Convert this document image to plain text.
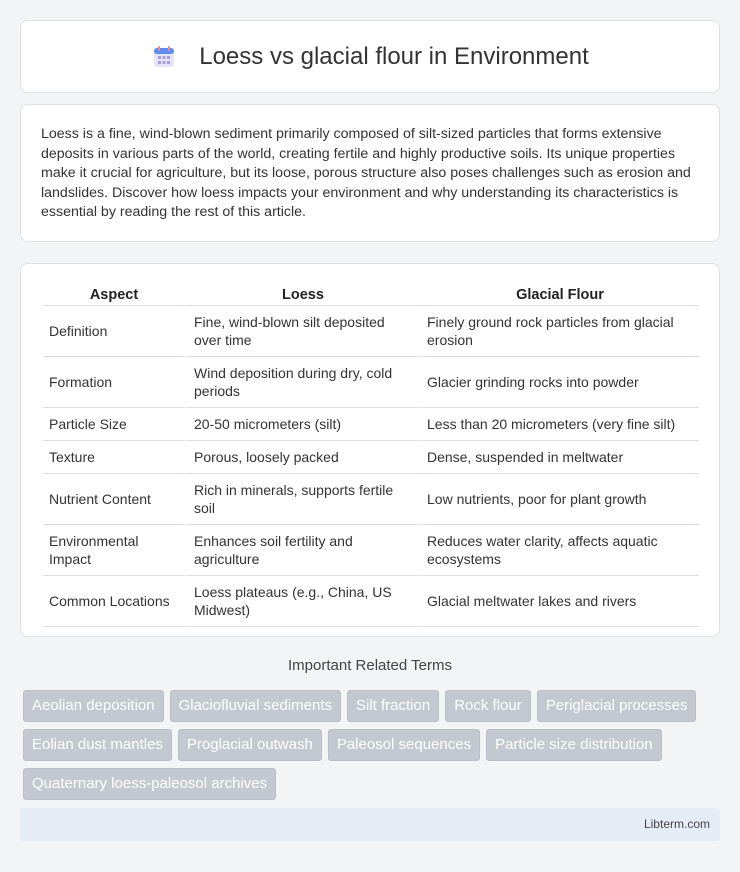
Loess vs glacial flour in Environment

Loess is a fine, wind-blown sediment primarily composed of silt-sized particles that forms extensive deposits in various parts of the world, creating fertile and highly productive soils. Its unique properties make it crucial for agriculture, but its loose, porous structure also poses challenges such as erosion and landslides. Discover how loess impacts your environment and why understanding its characteristics is essential by reading the rest of this article.

Aspect	Loess	Glacial Flour
Definition	Fine, wind-blown silt deposited over time	Finely ground rock particles from glacial erosion
Formation	Wind deposition during dry, cold periods	Glacier grinding rocks into powder
Particle Size	20-50 micrometers (silt)	Less than 20 micrometers (very fine silt)
Texture	Porous, loosely packed	Dense, suspended in meltwater
Nutrient Content	Rich in minerals, supports fertile soil	Low nutrients, poor for plant growth
Environmental Impact	Enhances soil fertility and agriculture	Reduces water clarity, affects aquatic ecosystems
Common Locations	Loess plateaus (e.g., China, US Midwest)	Glacial meltwater lakes and rivers
Important Related Terms
Aeolian deposition	Glaciofluvial sediments	Silt fraction	Rock flour	Periglacial processes
Eolian dust mantles	Proglacial outwash	Paleosol sequences	Particle size distribution
Quaternary loess-paleosol archives
Libterm.com
